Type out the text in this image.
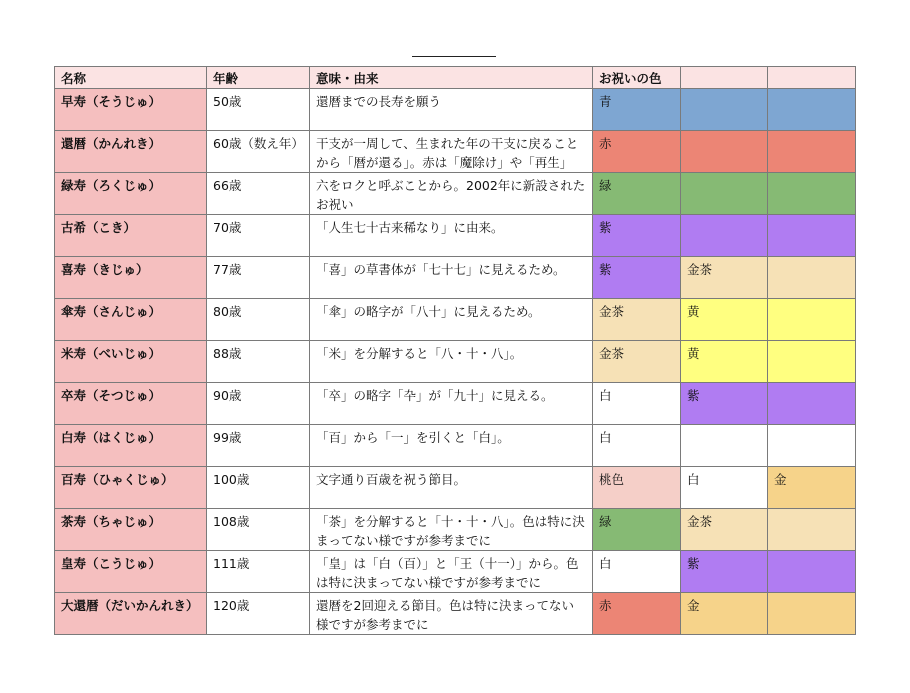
名称	年齢	意味・由来	お祝いの色		
早寿（そうじゅ）	50歳	還暦までの長寿を願う	青		
還暦（かんれき）	60歳（数え年）	干支が一周して、生まれた年の干支に戻ることから「暦が還る」。赤は「魔除け」や「再生」	赤		
緑寿（ろくじゅ）	66歳	六をロクと呼ぶことから。2002年に新設されたお祝い	緑		
古希（こき）	70歳	「人生七十古来稀なり」に由来。	紫		
喜寿（きじゅ）	77歳	「喜」の草書体が「七十七」に見えるため。	紫	金茶	
傘寿（さんじゅ）	80歳	「傘」の略字が「八十」に見えるため。	金茶	黄	
米寿（べいじゅ）	88歳	「米」を分解すると「八・十・八」。	金茶	黄	
卒寿（そつじゅ）	90歳	「卒」の略字「卆」が「九十」に見える。	白	紫	
白寿（はくじゅ）	99歳	「百」から「一」を引くと「白」。	白		
百寿（ひゃくじゅ）	100歳	文字通り百歳を祝う節目。	桃色	白	金
茶寿（ちゃじゅ）	108歳	「茶」を分解すると「十・十・八」。色は特に決まってない様ですが参考までに	緑	金茶	
皇寿（こうじゅ）	111歳	「皇」は「白（百）」と「王（十一）」から。色は特に決まってない様ですが参考までに	白	紫	
大還暦（だいかんれき）	120歳	還暦を2回迎える節目。色は特に決まってない様ですが参考までに	赤	金	
